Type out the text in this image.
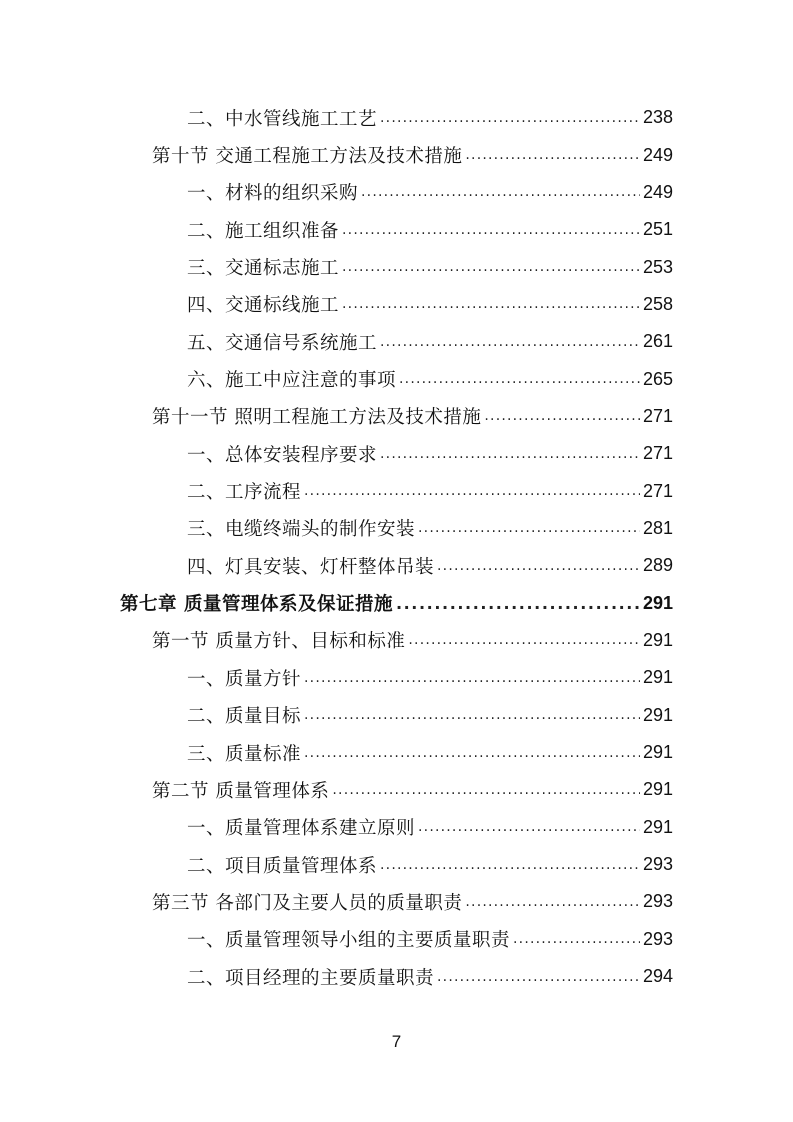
二、中水管线施工工艺 .....	238
第十节 交通工程施工方法及技术措施 .....	249
一、材料的组织采购 .....	249
二、施工组织准备 .....	251
三、交通标志施工 .....	253
四、交通标线施工 .....	258
五、交通信号系统施工 .....	261
六、施工中应注意的事项 .....	265
第十一节 照明工程施工方法及技术措施 .....	271
一、总体安装程序要求 .....	271
二、工序流程 .....	271
三、电缆终端头的制作安装 .....	281
四、灯具安装、灯杆整体吊装 .....	289
第七章 质量管理体系及保证措施 .....	291
第一节 质量方针、目标和标准 .....	291
一、质量方针 .....	291
二、质量目标 .....	291
三、质量标准 .....	291
第二节 质量管理体系 .....	291
一、质量管理体系建立原则 .....	291
二、项目质量管理体系 .....	293
第三节 各部门及主要人员的质量职责 .....	293
一、质量管理领导小组的主要质量职责 .....	293
二、项目经理的主要质量职责 .....	294
7
